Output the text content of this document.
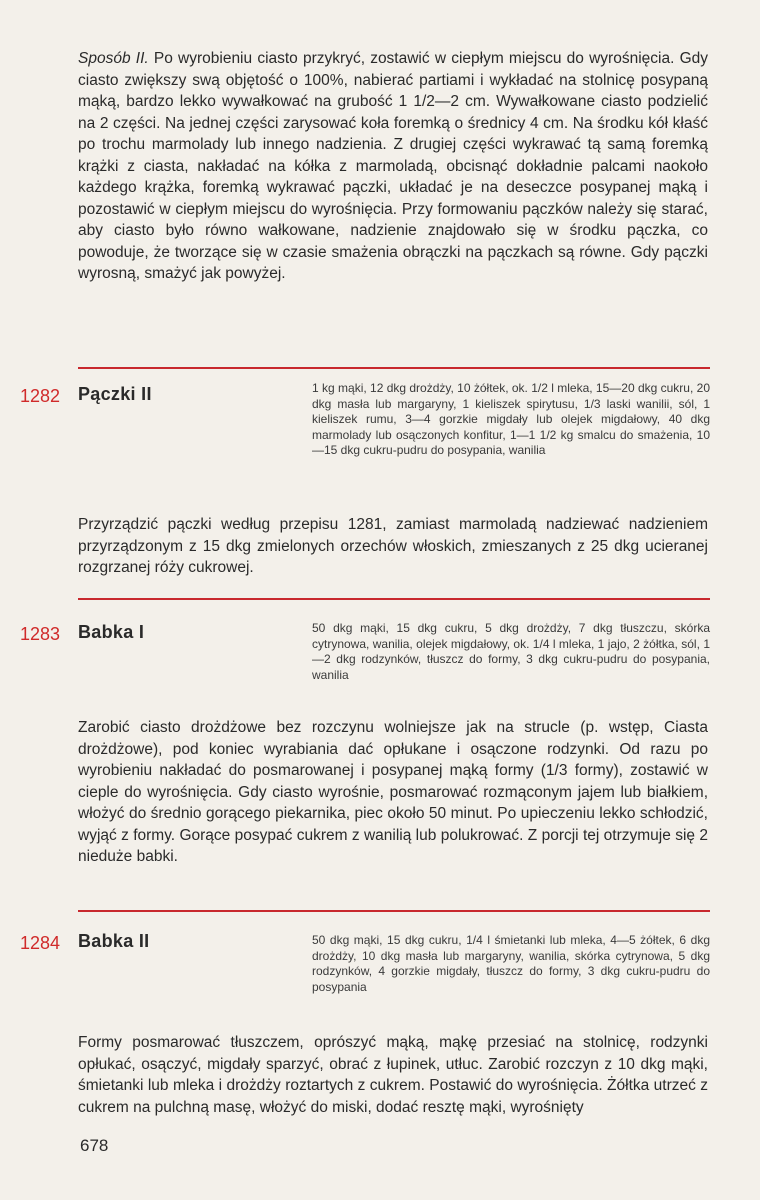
Sposób II. Po wyrobieniu ciasto przykryć, zostawić w ciepłym miejscu do wyrośnięcia. Gdy ciasto zwiększy swą objętość o 100%, nabierać partiami i wykładać na stolnicę posypaną mąką, bardzo lekko wywałkować na grubość 1 1/2—2 cm. Wywałkowane ciasto podzielić na 2 części. Na jednej części zarysować koła foremką o średnicy 4 cm. Na środku kół kłaść po trochu marmolady lub innego nadzienia. Z drugiej części wykrawać tą samą foremką krążki z ciasta, nakładać na kółka z marmoladą, obcisnąć dokładnie palcami naokoło każdego krążka, foremką wykrawać pączki, układać je na deseczce posypanej mąką i pozostawić w ciepłym miejscu do wyrośnięcia. Przy formowaniu pączków należy się starać, aby ciasto było równo wałkowane, nadzienie znajdowało się w środku pączka, co powoduje, że tworzące się w czasie smażenia obrączki na pączkach są równe. Gdy pączki wyrosną, smażyć jak powyżej.

1282 Pączki II	1 kg mąki, 12 dkg drożdży, 10 żółtek, ok. 1/2 l mleka, 15—20 dkg cukru, 20 dkg masła lub margaryny, 1 kieliszek spirytusu, 1/3 laski wanilii, sól, 1 kieliszek rumu, 3—4 gorzkie migdały lub olejek migdałowy, 40 dkg marmolady lub osączonych konfitur, 1—1 1/2 kg smalcu do smażenia, 10—15 dkg cukru-pudru do posypania, wanilia

Przyrządzić pączki według przepisu 1281, zamiast marmoladą nadziewać nadzieniem przyrządzonym z 15 dkg zmielonych orzechów włoskich, zmieszanych z 25 dkg ucieranej rozgrzanej róży cukrowej.

1283 Babka I	50 dkg mąki, 15 dkg cukru, 5 dkg drożdży, 7 dkg tłuszczu, skórka cytrynowa, wanilia, olejek migdałowy, ok. 1/4 l mleka, 1 jajo, 2 żółtka, sól, 1—2 dkg rodzynków, tłuszcz do formy, 3 dkg cukru-pudru do posypania, wanilia

Zarobić ciasto drożdżowe bez rozczynu wolniejsze jak na strucle (p. wstęp, Ciasta drożdżowe), pod koniec wyrabiania dać opłukane i osączone rodzynki. Od razu po wyrobieniu nakładać do posmarowanej i posypanej mąką formy (1/3 formy), zostawić w cieple do wyrośnięcia. Gdy ciasto wyrośnie, posmarować rozmąconym jajem lub białkiem, włożyć do średnio gorącego piekarnika, piec około 50 minut. Po upieczeniu lekko schłodzić, wyjąć z formy. Gorące posypać cukrem z wanilią lub polukrować. Z porcji tej otrzymuje się 2 nieduże babki.

1284 Babka II	50 dkg mąki, 15 dkg cukru, 1/4 l śmietanki lub mleka, 4—5 żółtek, 6 dkg drożdży, 10 dkg masła lub margaryny, wanilia, skórka cytrynowa, 5 dkg rodzynków, 4 gorzkie migdały, tłuszcz do formy, 3 dkg cukru-pudru do posypania

Formy posmarować tłuszczem, oprószyć mąką, mąkę przesiać na stolnicę, rodzynki opłukać, osączyć, migdały sparzyć, obrać z łupinek, utłuc. Zarobić rozczyn z 10 dkg mąki, śmietanki lub mleka i drożdży roztartych z cukrem. Postawić do wyrośnięcia. Żółtka utrzeć z cukrem na pulchną masę, włożyć do miski, dodać resztę mąki, wyrośnięty

678
